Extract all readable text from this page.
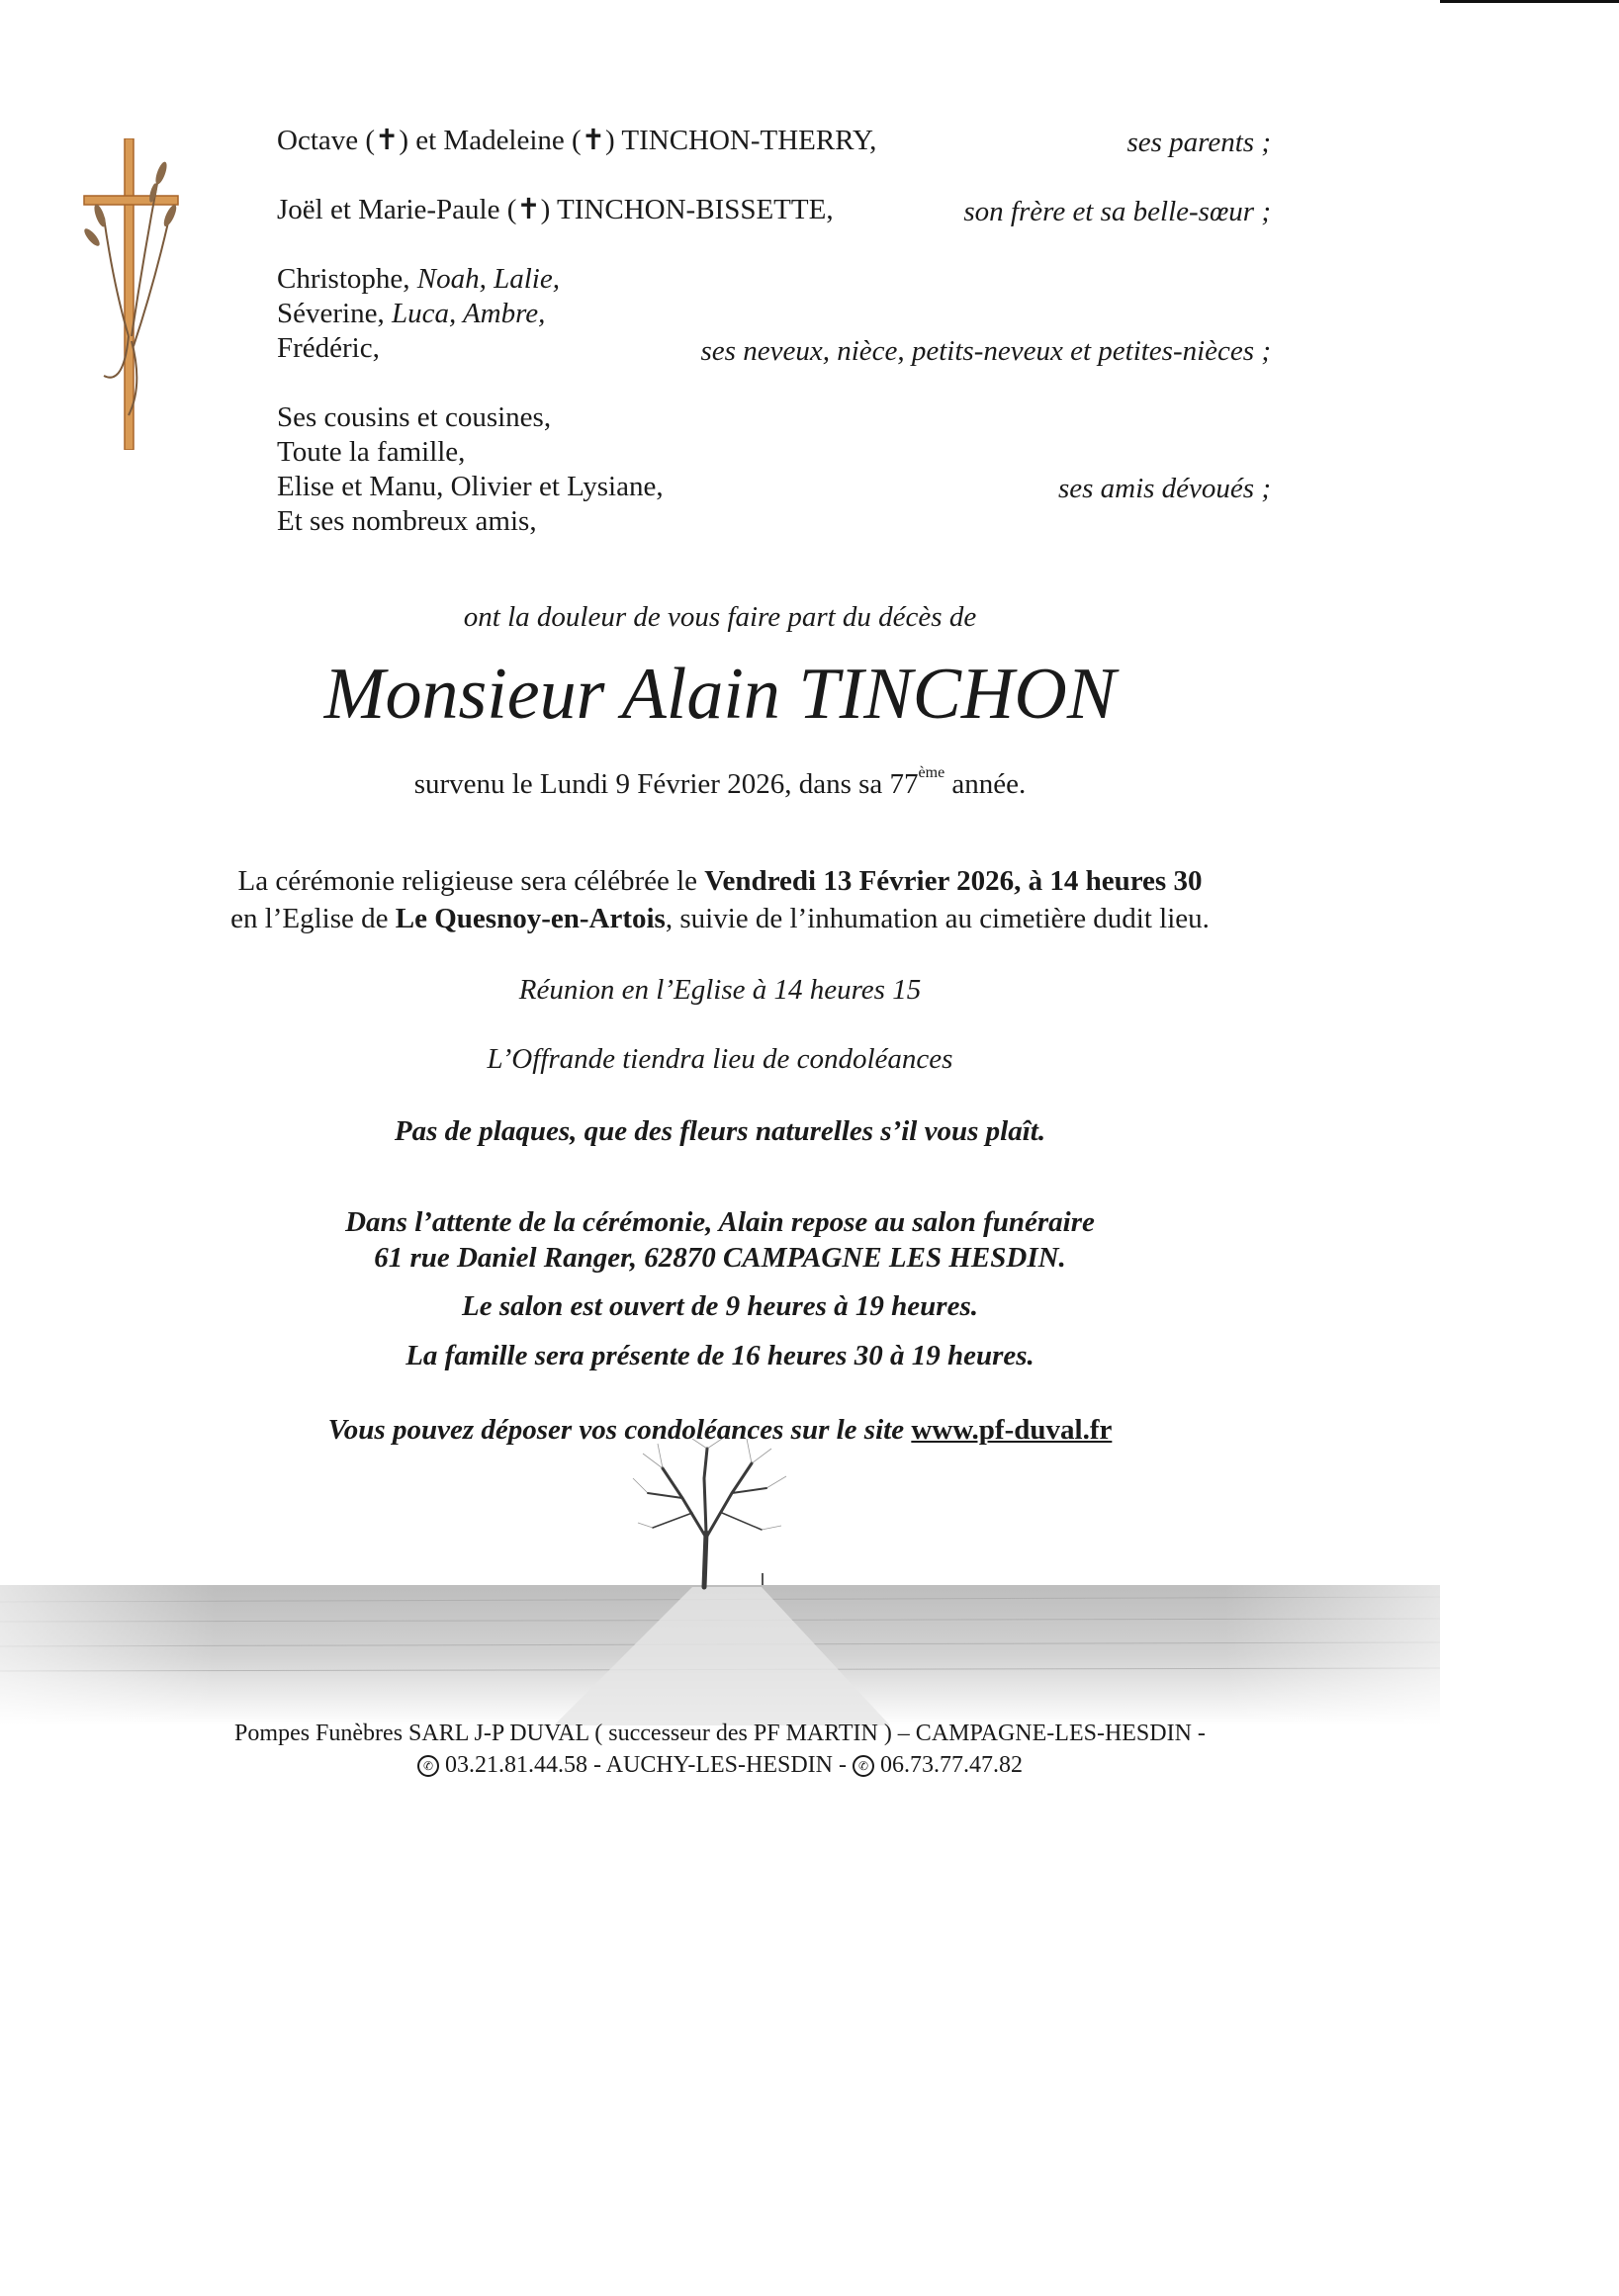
Octave (✝) et Madeleine (✝) TINCHON-THERRY,	ses parents ;
Joël et Marie-Paule (✝) TINCHON-BISSETTE,	son frère et sa belle-sœur ;
Christophe, Noah, Lalie,
Séverine, Luca, Ambre,
Frédéric,	ses neveux, nièce, petits-neveux et petites-nièces ;
Ses cousins et cousines,
Toute la famille,
Elise et Manu, Olivier et Lysiane,	ses amis dévoués ;
Et ses nombreux amis,
ont la douleur de vous faire part du décès de
Monsieur Alain TINCHON
survenu le Lundi 9 Février 2026, dans sa 77ème année.
La cérémonie religieuse sera célébrée le Vendredi 13 Février 2026, à 14 heures 30
en l’Eglise de Le Quesnoy-en-Artois, suivie de l’inhumation au cimetière dudit lieu.
Réunion en l’Eglise à 14 heures 15
L’Offrande tiendra lieu de condoléances
Pas de plaques, que des fleurs naturelles s’il vous plaît.
Dans l’attente de la cérémonie, Alain repose au salon funéraire
61 rue Daniel Ranger, 62870 CAMPAGNE LES HESDIN.
Le salon est ouvert de 9 heures à 19 heures.
La famille sera présente de 16 heures 30 à 19 heures.
Vous pouvez déposer vos condoléances sur le site www.pf-duval.fr
Pompes Funèbres SARL J-P DUVAL ( successeur des PF MARTIN ) – CAMPAGNE-LES-HESDIN -
✆ 03.21.81.44.58 - AUCHY-LES-HESDIN - ✆ 06.73.77.47.82
